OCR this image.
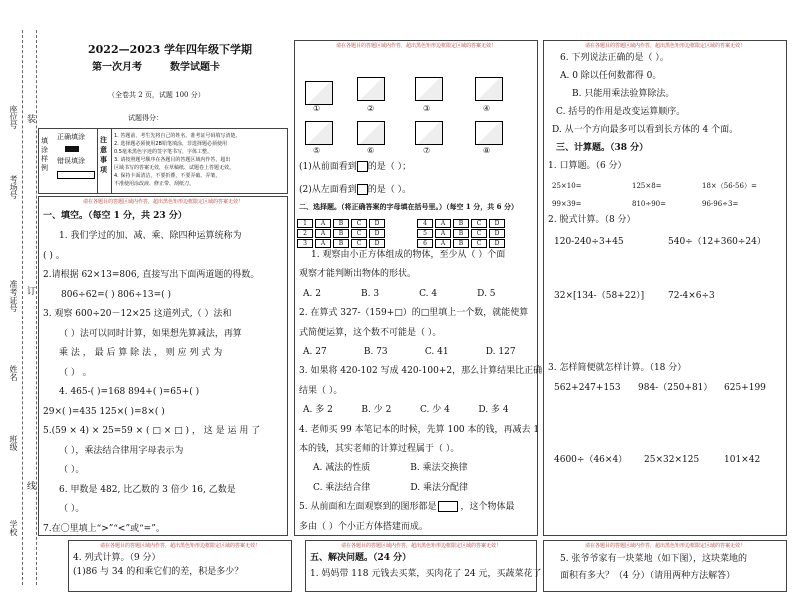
座位号
考场号
准考证号
姓名
班级
学校
装
订
线
2022—2023 学年四年级下学期
第一次月考	数学试题卡
（全卷共 2 页，试题 100 分）
试题得分：
填涂样例
正确填涂
错误填涂
注意事项
1. 答题前，考生先将自己的姓名、准考证号码填写清楚。
2. 选择题必须使用2B铅笔填涂，非选择题必须使用
0.5毫米黑色字迹的签字笔书写，字体工整。
3. 请按照题号顺序在各题目的答题区域内作答，超出
区域书写的答案无效，在草稿纸、试题卷上答题无效。
4. 保持卡面清洁，不要折叠，不要弄破、弄皱，
不准使用涂改液、修正带、刮纸刀。
请在各题目的答题区域内作答，超出黑色矩形边框限定区域的答案无效！
一、填空。（每空 1 分，共 23 分）
1. 我们学过的加、减、乘、除四种运算统称为
( ) 。
2.请根据 62×13=806, 直接写出下面两道题的得数。
806÷62=( ) 806÷13=( )
3. 观察 600÷20－12×25 这道列式,（ ）法和
（ ）法可以同时计算，如果想先算减法，再算
乘 法 ， 最 后 算 除 法 ， 则 应 列 式 为
（ ） 。
4. 465-( )=168 894+( )=65+( )
29×( )=435 125×( )=8×( )
5.(59 × 4) × 25=59 × ( □ × □ ) ， 这 是 运 用 了
（ ），乘法结合律用字母表示为
（ ）。
6. 甲数是 482, 比乙数的 3 倍少 16, 乙数是
（ ）。
7.在〇里填上“>”“<”或“=”。
请在各题目的答题区域内作答，超出黑色矩形边框限定区域的答案无效！
①	②	③	④
⑤	⑥	⑦	⑧
(1)从前面看到 的是（ ）；
(2)从左面看到 的是（ ）。
二、选择题。（将正确答案的字母填在括号里。）（每空 1 分，共 6 分）
1 A B C D
2 A B C D
3 A B C D
4 A B C D
5 A B C D
6 A B C D
1. 观察由小正方体组成的物体，至少从（ ）个面
观察才能判断出物体的形状。
A. 2              B. 3              C. 4              D. 5
2. 在算式 327-（159+□）的□里填上一个数，就能使算
式简便运算，这个数不可能是（ ）。
A. 27             B. 73             C. 41             D. 127
3. 如果将 420-102 写成 420-100+2，那么计算结果比正确
结果（ ）。
A. 多 2          B. 少 2          C. 少 4          D. 多 4
4. 老师买 99 本笔记本的时候，先算 100 本的钱，再减去 1
本的钱，其实老师的计算过程属于（ ）。
A. 减法的性质              B. 乘法交换律
C. 乘法结合律              D. 乘法分配律
5. 从前面和左面观察到的图形都是	，这个物体最
多由（ ）个小正方体搭建而成。
请在各题目的答题区域内作答，超出黑色矩形边框限定区域的答案无效！
6. 下列说法正确的是（ ）。
A. 0 除以任何数都得 0。
B. 只能用乘法验算除法。
C. 括号的作用是改变运算顺序。
D. 从一个方向最多可以看到长方体的 4 个面。
三、计算题。（38 分）
1. 口算题。（6 分）
25×10=	125×8=	18×（56-56）=
99×39=	810÷90=	96-96÷3=
2. 脱式计算。（8 分）
120-240÷3+45	540÷（12+360÷24）
32×[134-（58+22）]	72-4×6÷3
3. 怎样简便就怎样计算。（18 分）
562+247+153 984-（250+81） 625+199
4600÷（46×4） 25×32×125	101×42
请在各题目的答题区域内作答，超出黑色矩形边框限定区域的答案无效！
4. 列式计算。（9 分）
(1)86 与 34 的和乘它们的差，积是多少？
请在各题目的答题区域内作答，超出黑色矩形边框限定区域的答案无效！
五、解决问题。（24 分）
1. 妈妈带 118 元钱去买菜，买肉花了 24 元，买蔬菜花了
请在各题目的答题区域内作答，超出黑色矩形边框限定区域的答案无效！
5. 张爷爷家有一块菜地（如下图），这块菜地的
面积有多大？（4 分）（请用两种方法解答）
